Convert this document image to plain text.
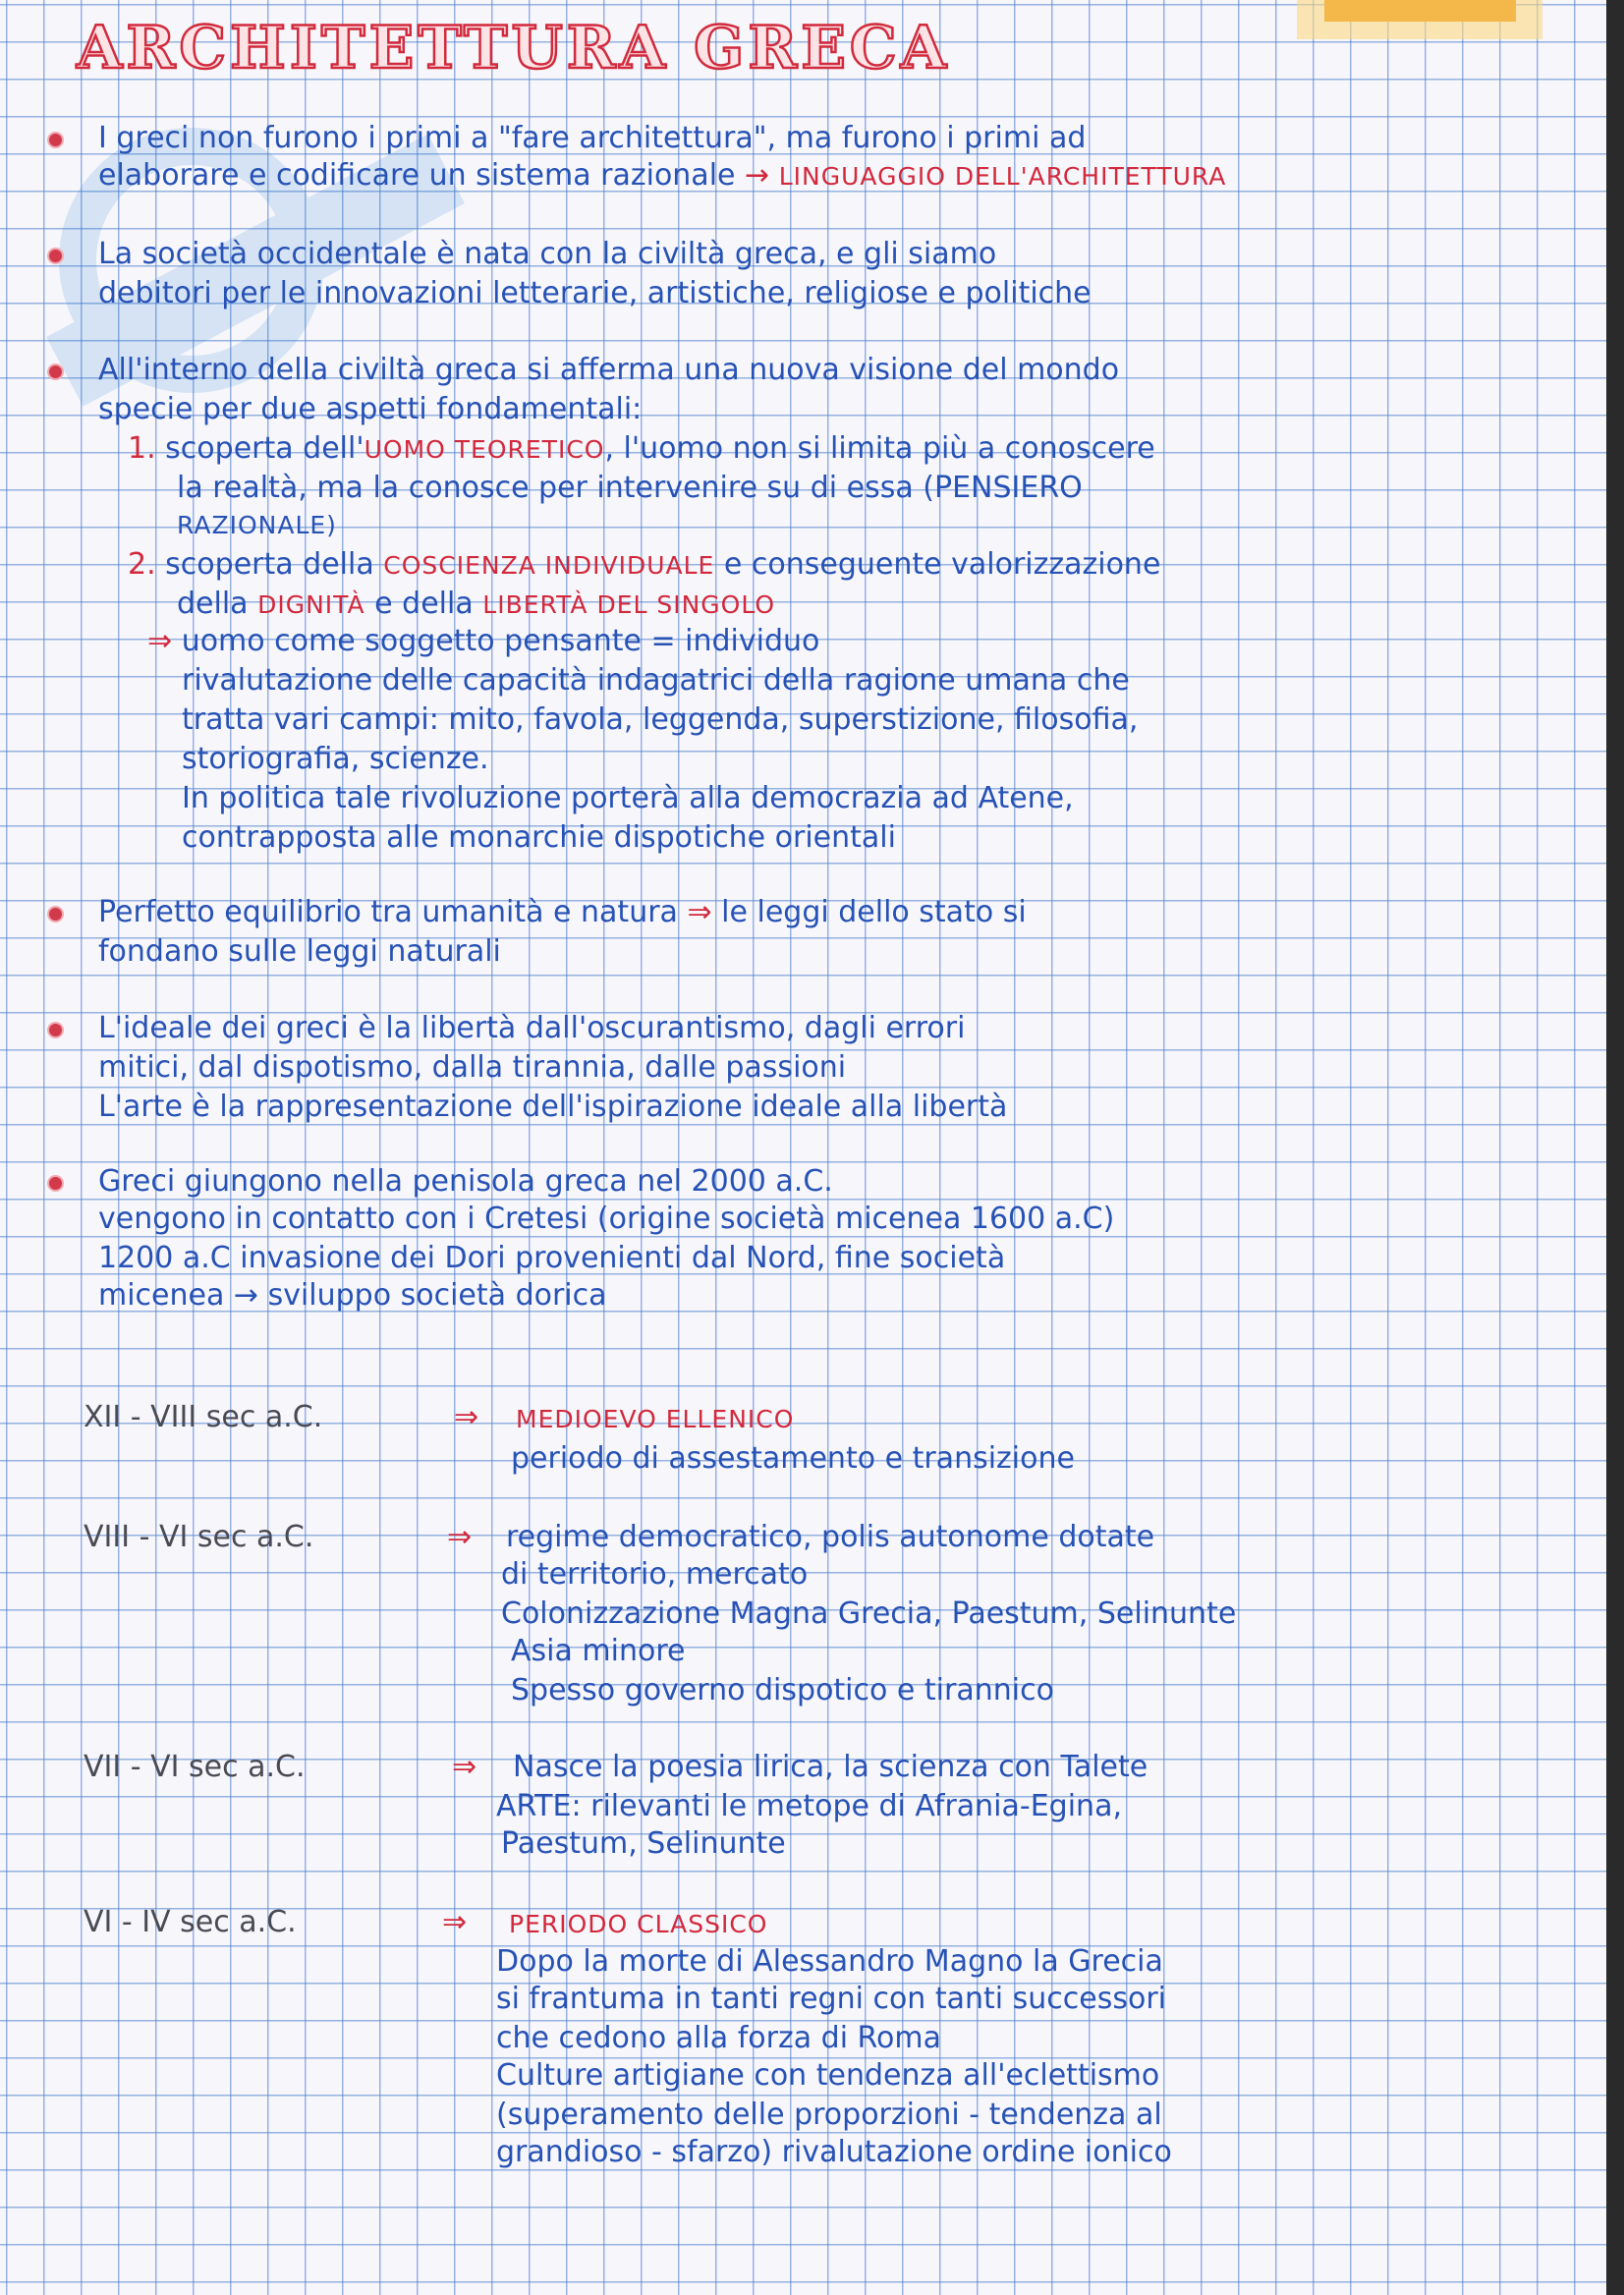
ARCHITETTURA GRECA

I greci non furono i primi a "fare architettura", ma furono i primi ad

elaborare e codificare un sistema razionale → LINGUAGGIO DELL'ARCHITETTURA

La società occidentale è nata con la civiltà greca, e gli siamo

debitori per le innovazioni letterarie, artistiche, religiose e politiche

All'interno della civiltà greca si afferma una nuova visione del mondo

specie per due aspetti fondamentali:

1. scoperta dell'UOMO TEORETICO, l'uomo non si limita più a conoscere

la realtà, ma la conosce per intervenire su di essa (PENSIERO

RAZIONALE)

2. scoperta della COSCIENZA INDIVIDUALE e conseguente valorizzazione

della DIGNITÀ e della LIBERTÀ DEL SINGOLO

⇒ uomo come soggetto pensante = individuo

rivalutazione delle capacità indagatrici della ragione umana che

tratta vari campi: mito, favola, leggenda, superstizione, filosofia,

storiografia, scienze.

In politica tale rivoluzione porterà alla democrazia ad Atene,

contrapposta alle monarchie dispotiche orientali

Perfetto equilibrio tra umanità e natura ⇒ le leggi dello stato si

fondano sulle leggi naturali

L'ideale dei greci è la libertà dall'oscurantismo, dagli errori

mitici, dal dispotismo, dalla tirannia, dalle passioni

L'arte è la rappresentazione dell'ispirazione ideale alla libertà

Greci giungono nella penisola greca nel 2000 a.C.

vengono in contatto con i Cretesi (origine società micenea 1600 a.C)

1200 a.C invasione dei Dori provenienti dal Nord, fine società

micenea → sviluppo società dorica

XII - VIII sec a.C.	⇒ MEDIOEVO ELLENICO

periodo di assestamento e transizione

VIII - VI sec a.C.	⇒ regime democratico, polis autonome dotate

di territorio, mercato

Colonizzazione Magna Grecia, Paestum, Selinunte

Asia minore

Spesso governo dispotico e tirannico

VII - VI sec a.C.	⇒ Nasce la poesia lirica, la scienza con Talete

ARTE: rilevanti le metope di Afrania-Egina,

Paestum, Selinunte

VI - IV sec a.C.	⇒ PERIODO CLASSICO

Dopo la morte di Alessandro Magno la Grecia

si frantuma in tanti regni con tanti successori

che cedono alla forza di Roma

Culture artigiane con tendenza all'eclettismo

(superamento delle proporzioni - tendenza al

grandioso - sfarzo) rivalutazione ordine ionico
